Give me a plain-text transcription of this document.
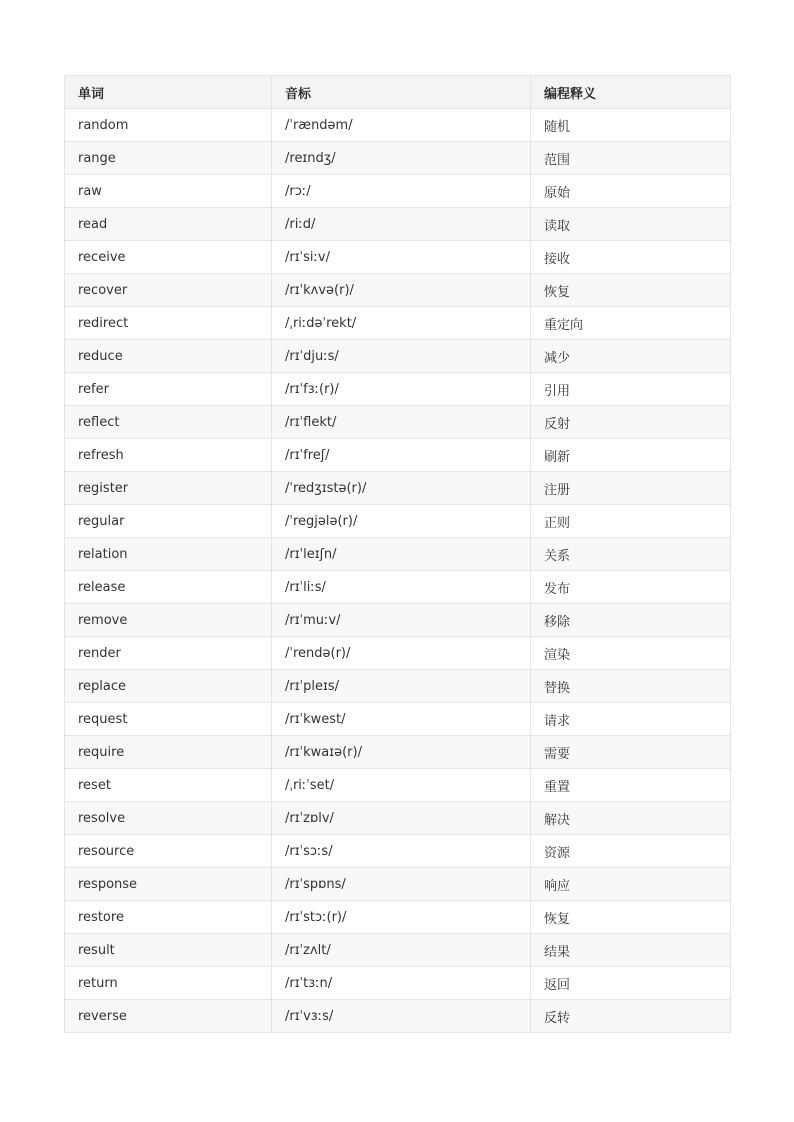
单词	音标	编程释义
random	/ˈrændəm/	随机
range	/reɪndʒ/	范围
raw	/rɔː/	原始
read	/riːd/	读取
receive	/rɪˈsiːv/	接收
recover	/rɪˈkʌvə(r)/	恢复
redirect	/ˌriːdəˈrekt/	重定向
reduce	/rɪˈdjuːs/	减少
refer	/rɪˈfɜː(r)/	引用
reflect	/rɪˈflekt/	反射
refresh	/rɪˈfreʃ/	刷新
register	/ˈredʒɪstə(r)/	注册
regular	/ˈregjələ(r)/	正则
relation	/rɪˈleɪʃn/	关系
release	/rɪˈliːs/	发布
remove	/rɪˈmuːv/	移除
render	/ˈrendə(r)/	渲染
replace	/rɪˈpleɪs/	替换
request	/rɪˈkwest/	请求
require	/rɪˈkwaɪə(r)/	需要
reset	/ˌriːˈset/	重置
resolve	/rɪˈzɒlv/	解决
resource	/rɪˈsɔːs/	资源
response	/rɪˈspɒns/	响应
restore	/rɪˈstɔː(r)/	恢复
result	/rɪˈzʌlt/	结果
return	/rɪˈtɜːn/	返回
reverse	/rɪˈvɜːs/	反转
